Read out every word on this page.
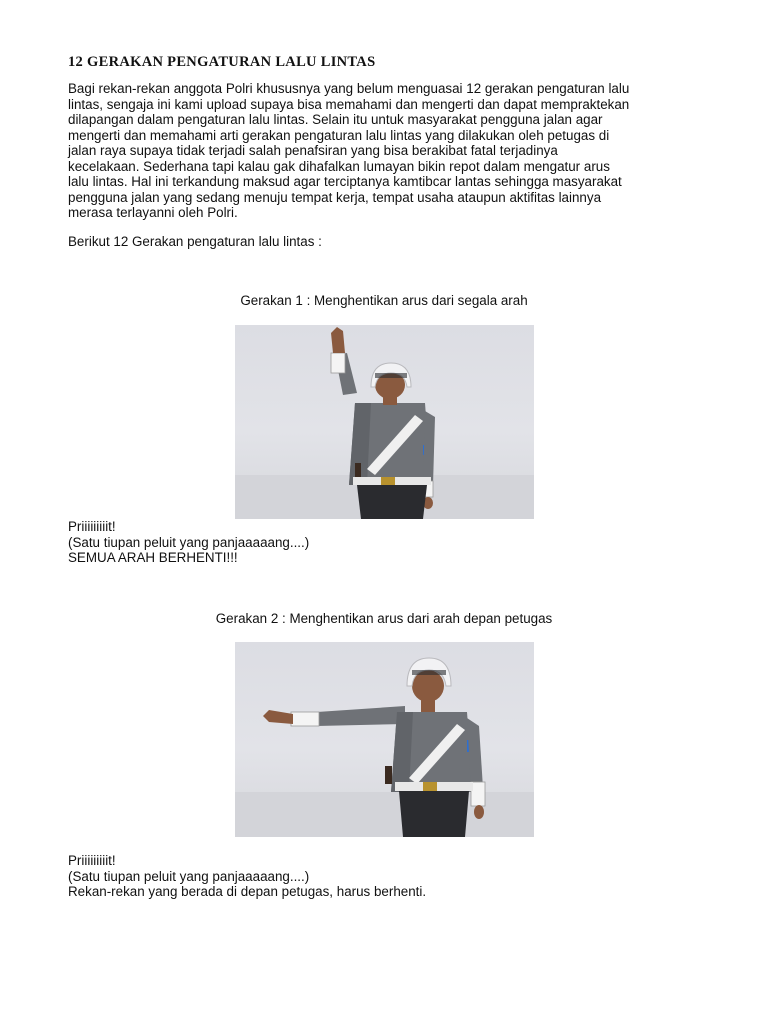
12 GERAKAN PENGATURAN LALU LINTAS

Bagi rekan-rekan anggota Polri khususnya yang belum menguasai 12 gerakan pengaturan lalu
lintas, sengaja ini kami upload supaya bisa memahami dan mengerti dan dapat mempraktekan
dilapangan dalam pengaturan lalu lintas. Selain itu untuk masyarakat pengguna jalan agar
mengerti dan memahami arti gerakan pengaturan lalu lintas yang dilakukan oleh petugas di
jalan raya supaya tidak terjadi salah penafsiran yang bisa berakibat fatal terjadinya
kecelakaan. Sederhana tapi kalau gak dihafalkan lumayan bikin repot dalam mengatur arus
lalu lintas. Hal ini terkandung maksud agar terciptanya kamtibcar lantas sehingga masyarakat
pengguna jalan yang sedang menuju tempat kerja, tempat usaha ataupun aktifitas lainnya
merasa terlayanni oleh Polri.

Berikut 12 Gerakan pengaturan lalu lintas :

Gerakan 1 : Menghentikan arus dari segala arah

Priiiiiiiiit!
(Satu tiupan peluit yang panjaaaaang....)
SEMUA ARAH BERHENTI!!!

Gerakan 2 : Menghentikan arus dari arah depan petugas

Priiiiiiiiit!
(Satu tiupan peluit yang panjaaaaang....)
Rekan-rekan yang berada di depan petugas, harus berhenti.
